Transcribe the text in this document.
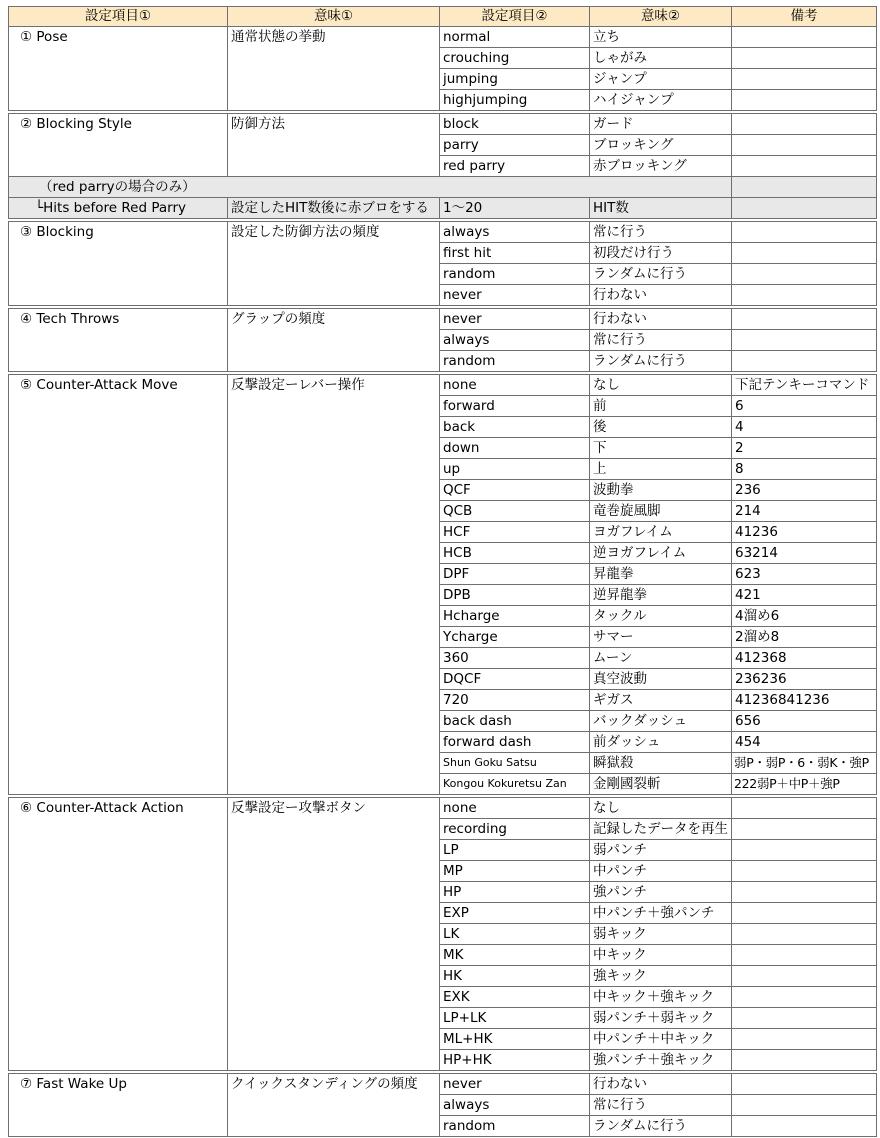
設定項目①	意味①	設定項目②	意味②	備考
① Pose	通常状態の挙動	normal	立ち	
		crouching	しゃがみ	
		jumping	ジャンプ	
		highjumping	ハイジャンプ	

② Blocking Style	防御方法	block	ガード	
		parry	ブロッキング	
		red parry	赤ブロッキング	
（red parryの場合のみ）				
└Hits before Red Parry	設定したHIT数後に赤ブロをする	1～20	HIT数	

③ Blocking	設定した防御方法の頻度	always	常に行う	
		first hit	初段だけ行う	
		random	ランダムに行う	
		never	行わない	

④ Tech Throws	グラップの頻度	never	行わない	
		always	常に行う	
		random	ランダムに行う	

⑤ Counter-Attack Move	反撃設定ーレバー操作	none	なし	下記テンキーコマンド
		forward	前	6
		back	後	4
		down	下	2
		up	上	8
		QCF	波動拳	236
		QCB	竜巻旋風脚	214
		HCF	ヨガフレイム	41236
		HCB	逆ヨガフレイム	63214
		DPF	昇龍拳	623
		DPB	逆昇龍拳	421
		Hcharge	タックル	4溜め6
		Ycharge	サマー	2溜め8
		360	ムーン	412368
		DQCF	真空波動	236236
		720	ギガス	41236841236
		back dash	バックダッシュ	656
		forward dash	前ダッシュ	454
		Shun Goku Satsu	瞬獄殺	弱P・弱P・6・弱K・強P
		Kongou Kokuretsu Zan	金剛國裂斬	222弱P＋中P＋強P

⑥ Counter-Attack Action	反撃設定ー攻撃ボタン	none	なし	
		recording	記録したデータを再生	
		LP	弱パンチ	
		MP	中パンチ	
		HP	強パンチ	
		EXP	中パンチ＋強パンチ	
		LK	弱キック	
		MK	中キック	
		HK	強キック	
		EXK	中キック＋強キック	
		LP+LK	弱パンチ＋弱キック	
		ML+HK	中パンチ＋中キック	
		HP+HK	強パンチ＋強キック	

⑦ Fast Wake Up	クイックスタンディングの頻度	never	行わない	
		always	常に行う	
		random	ランダムに行う	
